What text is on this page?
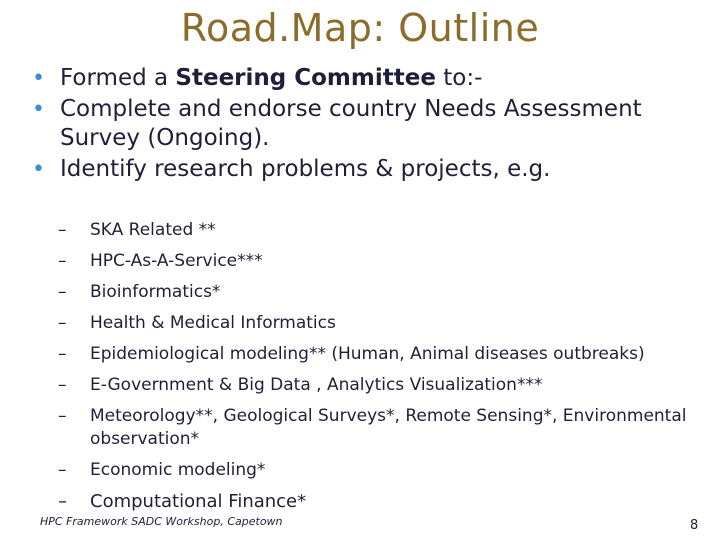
Road.Map: Outline
• Formed a Steering Committee to:-
• Complete and endorse country Needs Assessment Survey (Ongoing).
• Identify research problems & projects, e.g.
– SKA Related **
– HPC-As-A-Service***
– Bioinformatics*
– Health & Medical Informatics
– Epidemiological modeling** (Human, Animal diseases outbreaks)
– E-Government & Big Data , Analytics Visualization***
– Meteorology**, Geological Surveys*, Remote Sensing*, Environmental observation*
– Economic modeling*
– Computational Finance*
HPC Framework SADC Workshop, Capetown	8
